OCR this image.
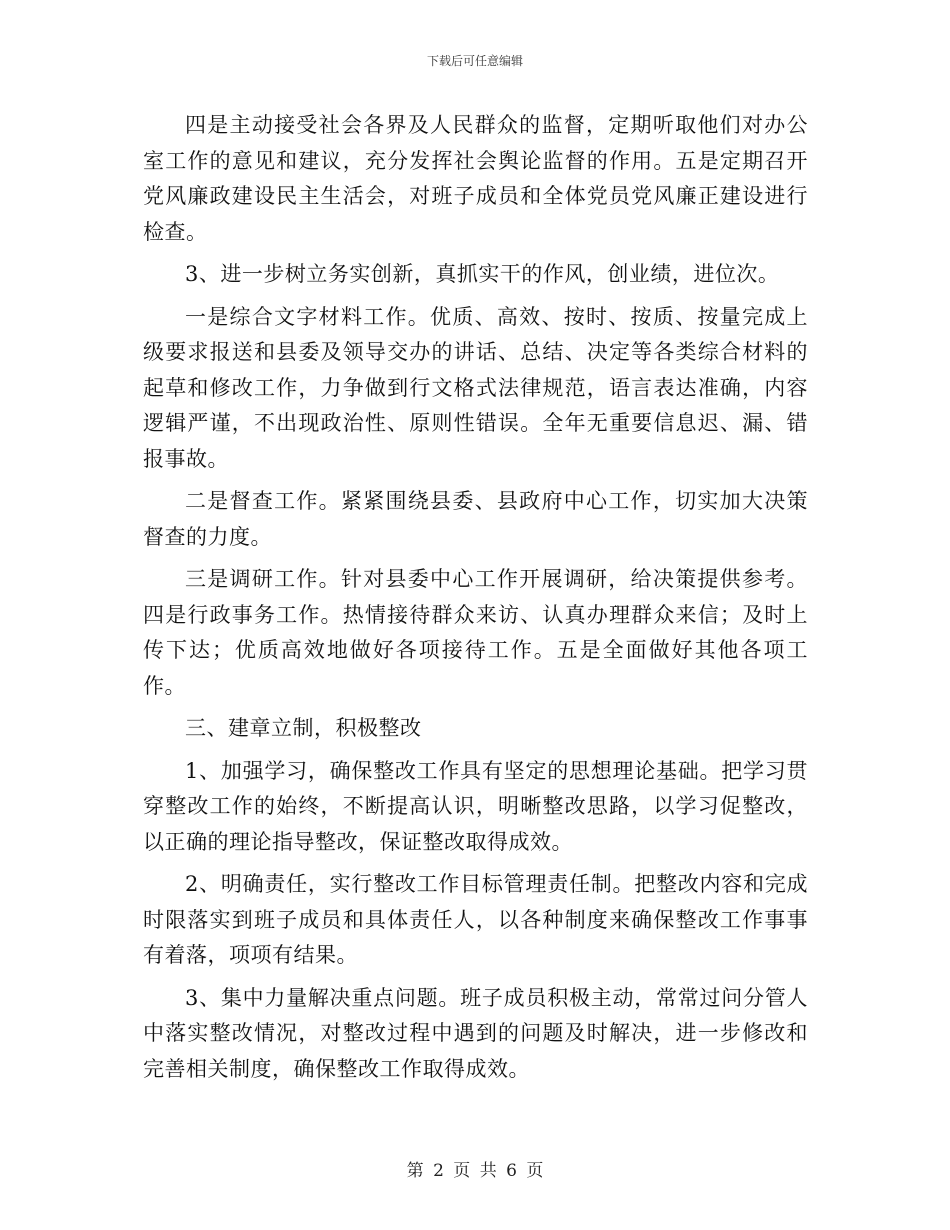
下载后可任意编辑

四是主动接受社会各界及人民群众的监督，定期听取他们对办公室工作的意见和建议，充分发挥社会舆论监督的作用。五是定期召开党风廉政建设民主生活会，对班子成员和全体党员党风廉正建设进行检查。

3、进一步树立务实创新，真抓实干的作风，创业绩，进位次。

一是综合文字材料工作。优质、高效、按时、按质、按量完成上级要求报送和县委及领导交办的讲话、总结、决定等各类综合材料的起草和修改工作，力争做到行文格式法律规范，语言表达准确，内容逻辑严谨，不出现政治性、原则性错误。全年无重要信息迟、漏、错报事故。

二是督查工作。紧紧围绕县委、县政府中心工作，切实加大决策督查的力度。

三是调研工作。针对县委中心工作开展调研，给决策提供参考。四是行政事务工作。热情接待群众来访、认真办理群众来信；及时上传下达；优质高效地做好各项接待工作。五是全面做好其他各项工作。

三、建章立制，积极整改

1、加强学习，确保整改工作具有坚定的思想理论基础。把学习贯穿整改工作的始终，不断提高认识，明晰整改思路，以学习促整改，以正确的理论指导整改，保证整改取得成效。

2、明确责任，实行整改工作目标管理责任制。把整改内容和完成时限落实到班子成员和具体责任人，以各种制度来确保整改工作事事有着落，项项有结果。

3、集中力量解决重点问题。班子成员积极主动，常常过问分管人中落实整改情况，对整改过程中遇到的问题及时解决，进一步修改和完善相关制度，确保整改工作取得成效。

第 2 页 共 6 页
